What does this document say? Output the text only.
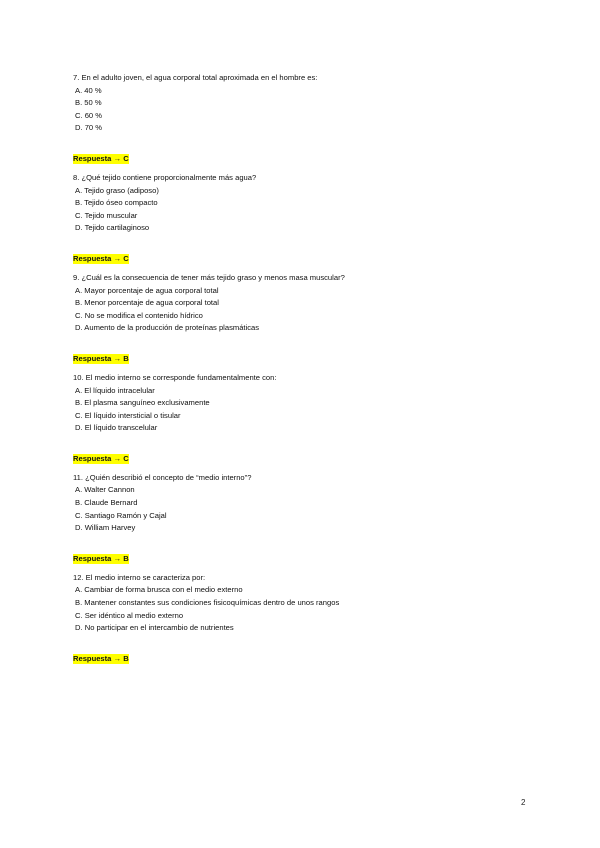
7. En el adulto joven, el agua corporal total aproximada en el hombre es:

A. 40 %
B. 50 %
C. 60 %
D. 70 %
Respuesta → C

8. ¿Qué tejido contiene proporcionalmente más agua?

A. Tejido graso (adiposo)
B. Tejido óseo compacto
C. Tejido muscular
D. Tejido cartilaginoso
Respuesta → C

9. ¿Cuál es la consecuencia de tener más tejido graso y menos masa muscular?

A. Mayor porcentaje de agua corporal total
B. Menor porcentaje de agua corporal total
C. No se modifica el contenido hídrico
D. Aumento de la producción de proteínas plasmáticas
Respuesta → B

10. El medio interno se corresponde fundamentalmente con:

A. El líquido intracelular
B. El plasma sanguíneo exclusivamente
C. El líquido intersticial o tisular
D. El líquido transcelular
Respuesta → C

11. ¿Quién describió el concepto de “medio interno”?

A. Walter Cannon
B. Claude Bernard
C. Santiago Ramón y Cajal
D. William Harvey
Respuesta → B

12. El medio interno se caracteriza por:

A. Cambiar de forma brusca con el medio externo
B. Mantener constantes sus condiciones fisicoquímicas dentro de unos rangos
C. Ser idéntico al medio externo
D. No participar en el intercambio de nutrientes
Respuesta → B
2
